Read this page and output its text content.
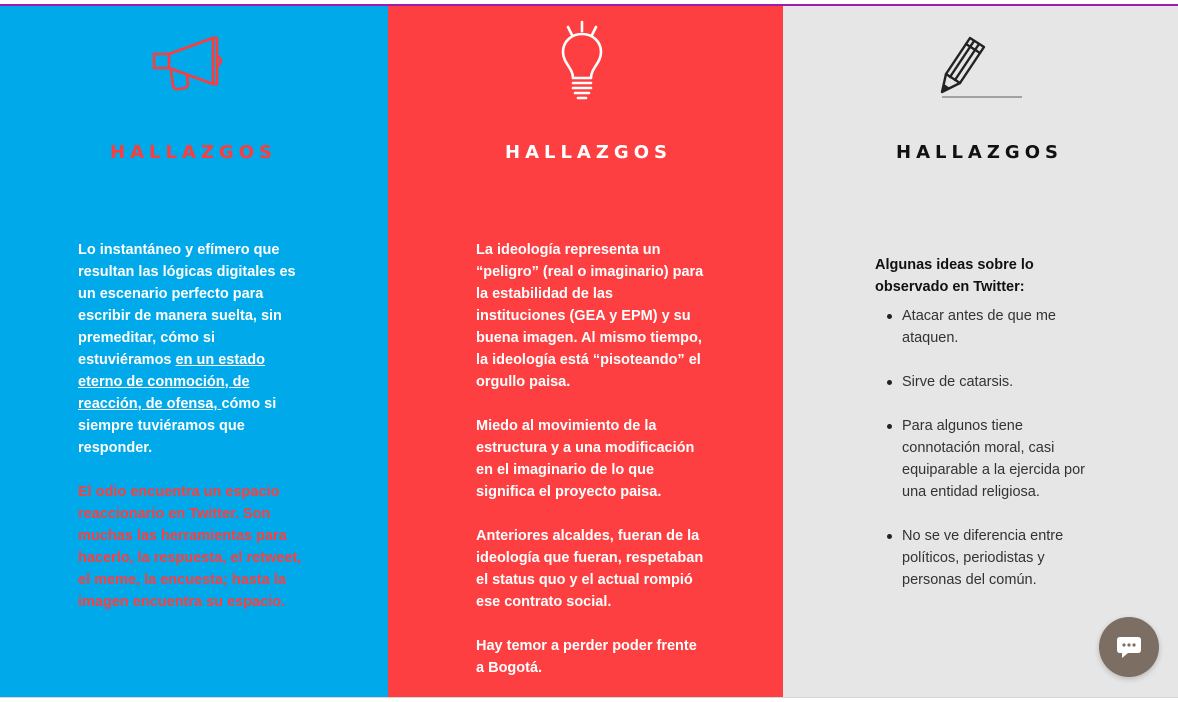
HALLAZGOS

Lo instantáneo y efímero que resultan las lógicas digitales es un escenario perfecto para escribir de manera suelta, sin premeditar, cómo si estuviéramos en un estado eterno de conmoción, de reacción, de ofensa, cómo si siempre tuviéramos que responder.

El odio encuentra un espacio reaccionario en Twitter. Son muchas las herramientas para hacerlo, la respuesta, el retweet, el meme, la encuesta; hasta la imagen encuentra su espacio.

HALLAZGOS

La ideología representa un “peligro” (real o imaginario) para la estabilidad de las instituciones (GEA y EPM) y su buena imagen. Al mismo tiempo, la ideología está “pisoteando” el orgullo paisa.

Miedo al movimiento de la estructura y a una modificación en el imaginario de lo que significa el proyecto paisa.

Anteriores alcaldes, fueran de la ideología que fueran, respetaban el status quo y el actual rompió ese contrato social.

Hay temor a perder poder frente a Bogotá.

HALLAZGOS

Algunas ideas sobre lo observado en Twitter:

Atacar antes de que me ataquen.
Sirve de catarsis.
Para algunos tiene connotación moral, casi equiparable a la ejercida por una entidad religiosa.
No se ve diferencia entre políticos, periodistas y personas del común.
